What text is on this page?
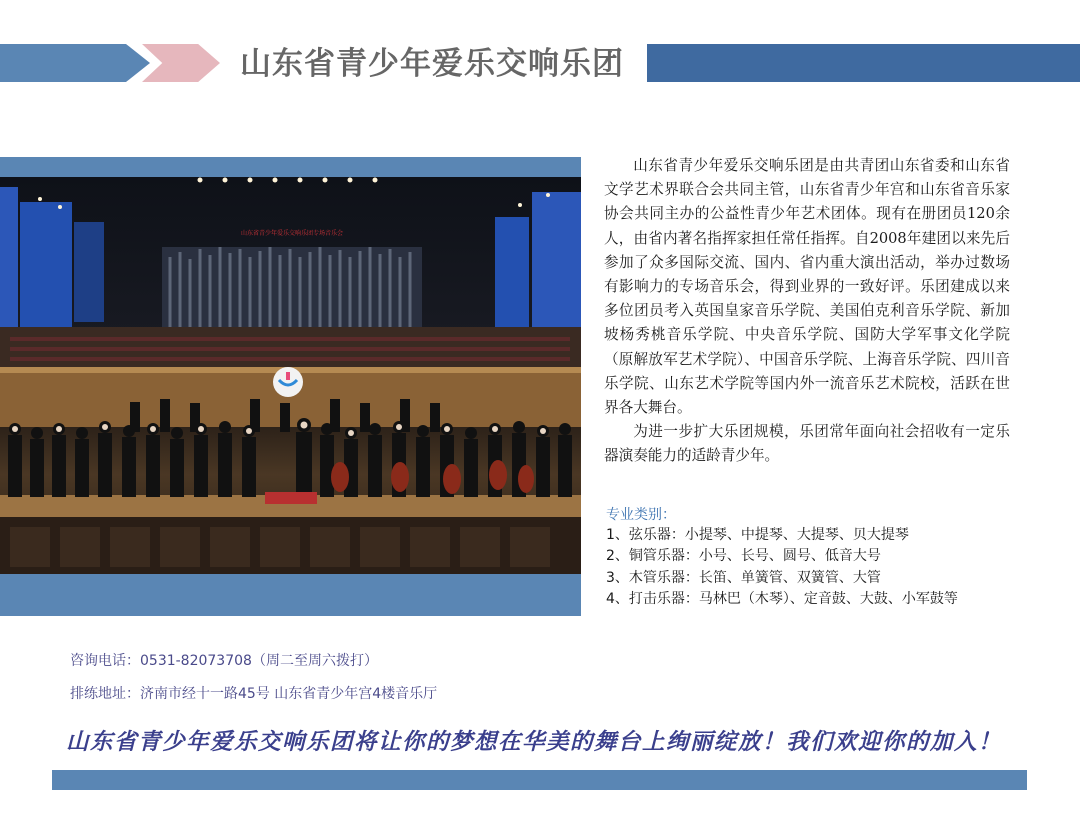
山东省青少年爱乐交响乐团
山东省青少年爱乐交响乐团专场音乐会

山东省青少年爱乐交响乐团是由共青团山东省委和山东省文学艺术界联合会共同主管，山东省青少年宫和山东省音乐家协会共同主办的公益性青少年艺术团体。现有在册团员120余人，由省内著名指挥家担任常任指挥。自2008年建团以来先后参加了众多国际交流、国内、省内重大演出活动，举办过数场有影响力的专场音乐会，得到业界的一致好评。乐团建成以来多位团员考入英国皇家音乐学院、美国伯克利音乐学院、新加坡杨秀桃音乐学院、中央音乐学院、国防大学军事文化学院（原解放军艺术学院）、中国音乐学院、上海音乐学院、四川音乐学院、山东艺术学院等国内外一流音乐艺术院校，活跃在世界各大舞台。

为进一步扩大乐团规模，乐团常年面向社会招收有一定乐器演奏能力的适龄青少年。

专业类别：
1、弦乐器：小提琴、中提琴、大提琴、贝大提琴
2、铜管乐器：小号、长号、圆号、低音大号
3、木管乐器：长笛、单簧管、双簧管、大管
4、打击乐器：马林巴（木琴）、定音鼓、大鼓、小军鼓等
咨询电话：0531-82073708（周二至周六拨打）
排练地址：济南市经十一路45号 山东省青少年宫4楼音乐厅
山东省青少年爱乐交响乐团将让你的梦想在华美的舞台上绚丽绽放！我们欢迎你的加入！
